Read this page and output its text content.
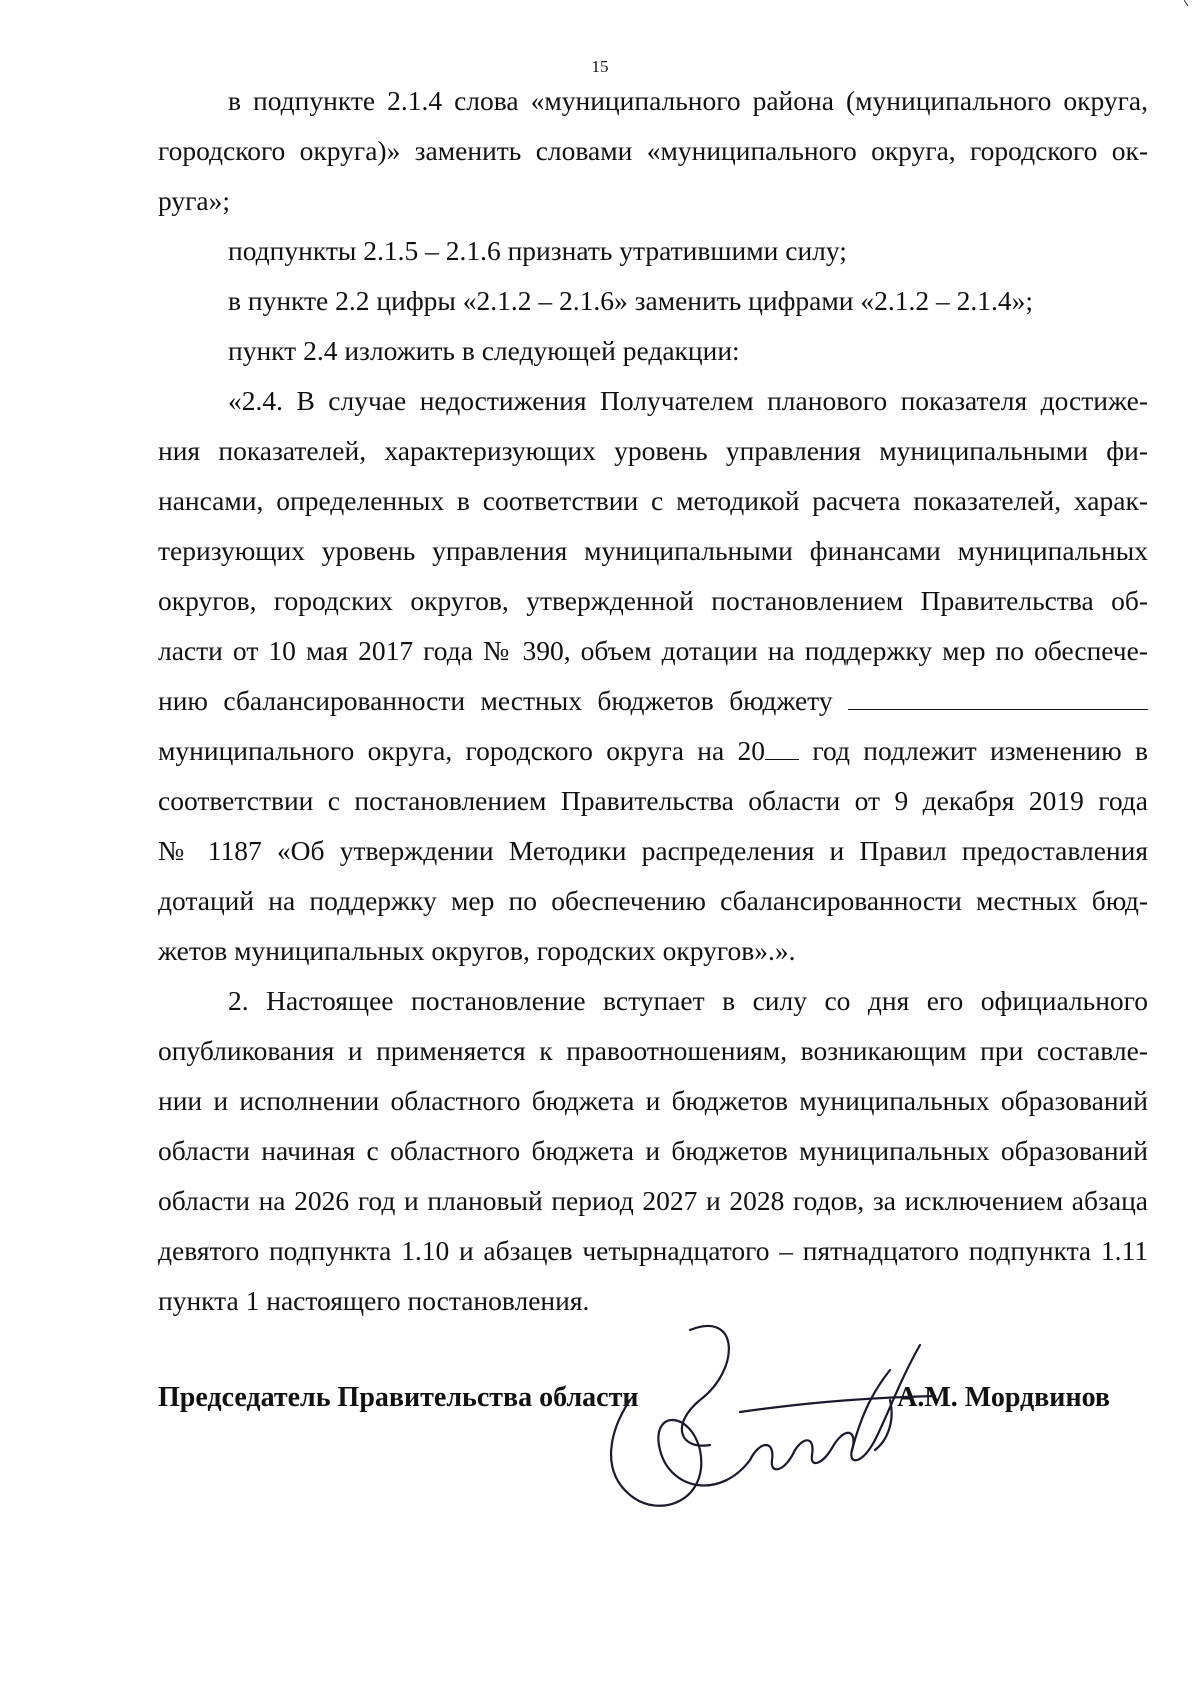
15
в подпункте 2.1.4 слова «муниципального района (муниципального округа,
городского округа)» заменить словами «муниципального округа, городского ок-
руга»;
подпункты 2.1.5 – 2.1.6 признать утратившими силу;
в пункте 2.2 цифры «2.1.2 – 2.1.6» заменить цифрами «2.1.2 – 2.1.4»;
пункт 2.4 изложить в следующей редакции:
«2.4. В случае недостижения Получателем планового показателя достиже-
ния показателей, характеризующих уровень управления муниципальными фи-
нансами, определенных в соответствии с методикой расчета показателей, харак-
теризующих уровень управления муниципальными финансами муниципальных
округов, городских округов, утвержденной постановлением Правительства об-
ласти от 10 мая 2017 года № 390, объем дотации на поддержку мер по обеспече-
нию сбалансированности местных бюджетов бюджету
муниципального округа, городского округа на 20 год подлежит изменению в
соответствии с постановлением Правительства области от 9 декабря 2019 года
№ 1187 «Об утверждении Методики распределения и Правил предоставления
дотаций на поддержку мер по обеспечению сбалансированности местных бюд-
жетов муниципальных округов, городских округов».».
2. Настоящее постановление вступает в силу со дня его официального
опубликования и применяется к правоотношениям, возникающим при составле-
нии и исполнении областного бюджета и бюджетов муниципальных образований
области начиная с областного бюджета и бюджетов муниципальных образований
области на 2026 год и плановый период 2027 и 2028 годов, за исключением абзаца
девятого подпункта 1.10 и абзацев четырнадцатого – пятнадцатого подпункта 1.11
пункта 1 настоящего постановления.
Председатель Правительства области	А.М. Мордвинов
